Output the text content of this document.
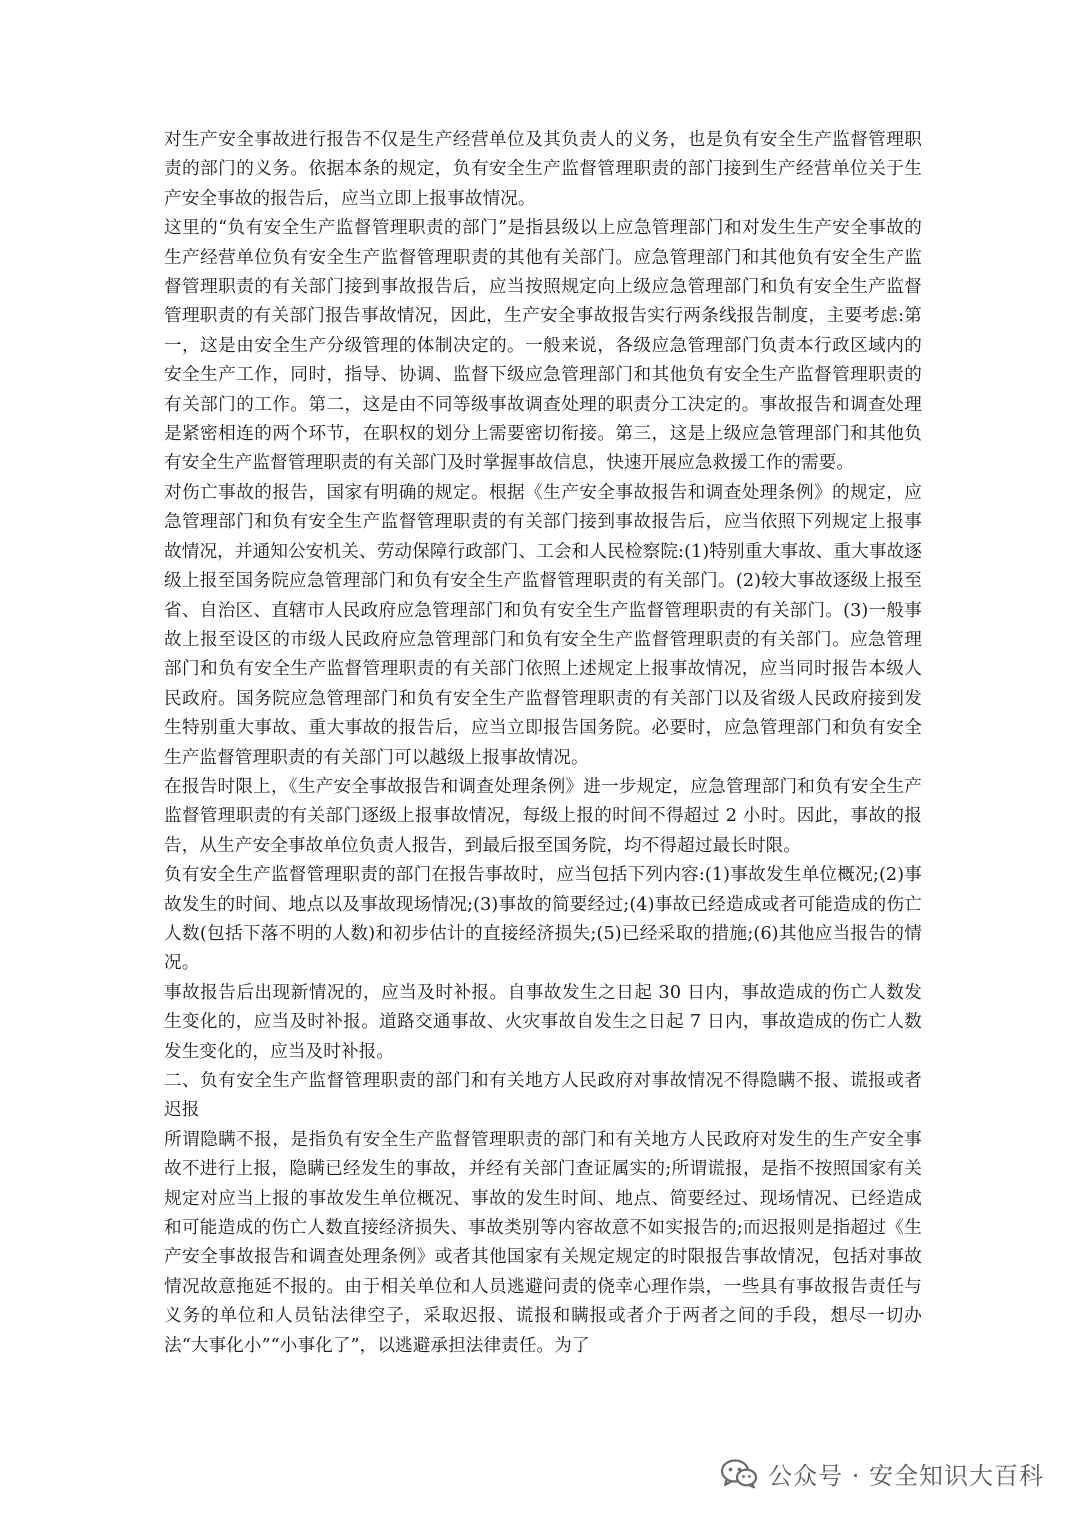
对生产安全事故进行报告不仅是生产经营单位及其负责人的义务，也是负有安全生产监督管理职责的部门的义务。依据本条的规定，负有安全生产监督管理职责的部门接到生产经营单位关于生产安全事故的报告后，应当立即上报事故情况。

这里的“负有安全生产监督管理职责的部门”是指县级以上应急管理部门和对发生生产安全事故的生产经营单位负有安全生产监督管理职责的其他有关部门。应急管理部门和其他负有安全生产监督管理职责的有关部门接到事故报告后，应当按照规定向上级应急管理部门和负有安全生产监督管理职责的有关部门报告事故情况，因此，生产安全事故报告实行两条线报告制度，主要考虑:第一，这是由安全生产分级管理的体制决定的。一般来说，各级应急管理部门负责本行政区域内的安全生产工作，同时，指导、协调、监督下级应急管理部门和其他负有安全生产监督管理职责的有关部门的工作。第二，这是由不同等级事故调查处理的职责分工决定的。事故报告和调查处理是紧密相连的两个环节，在职权的划分上需要密切衔接。第三，这是上级应急管理部门和其他负有安全生产监督管理职责的有关部门及时掌握事故信息，快速开展应急救援工作的需要。

对伤亡事故的报告，国家有明确的规定。根据《生产安全事故报告和调查处理条例》的规定，应急管理部门和负有安全生产监督管理职责的有关部门接到事故报告后，应当依照下列规定上报事故情况，并通知公安机关、劳动保障行政部门、工会和人民检察院:(1)特别重大事故、重大事故逐级上报至国务院应急管理部门和负有安全生产监督管理职责的有关部门。(2)较大事故逐级上报至省、自治区、直辖市人民政府应急管理部门和负有安全生产监督管理职责的有关部门。(3)一般事故上报至设区的市级人民政府应急管理部门和负有安全生产监督管理职责的有关部门。应急管理部门和负有安全生产监督管理职责的有关部门依照上述规定上报事故情况，应当同时报告本级人民政府。国务院应急管理部门和负有安全生产监督管理职责的有关部门以及省级人民政府接到发生特别重大事故、重大事故的报告后，应当立即报告国务院。必要时，应急管理部门和负有安全生产监督管理职责的有关部门可以越级上报事故情况。

在报告时限上，《生产安全事故报告和调查处理条例》进一步规定，应急管理部门和负有安全生产监督管理职责的有关部门逐级上报事故情况，每级上报的时间不得超过 2 小时。因此，事故的报告，从生产安全事故单位负责人报告，到最后报至国务院，均不得超过最长时限。

负有安全生产监督管理职责的部门在报告事故时，应当包括下列内容:(1)事故发生单位概况;(2)事故发生的时间、地点以及事故现场情况;(3)事故的简要经过;(4)事故已经造成或者可能造成的伤亡人数(包括下落不明的人数)和初步估计的直接经济损失;(5)已经采取的措施;(6)其他应当报告的情况。

事故报告后出现新情况的，应当及时补报。自事故发生之日起 30 日内，事故造成的伤亡人数发生变化的，应当及时补报。道路交通事故、火灾事故自发生之日起 7 日内，事故造成的伤亡人数发生变化的，应当及时补报。

二、负有安全生产监督管理职责的部门和有关地方人民政府对事故情况不得隐瞒不报、谎报或者迟报

所谓隐瞒不报，是指负有安全生产监督管理职责的部门和有关地方人民政府对发生的生产安全事故不进行上报，隐瞒已经发生的事故，并经有关部门查证属实的;所谓谎报，是指不按照国家有关规定对应当上报的事故发生单位概况、事故的发生时间、地点、简要经过、现场情况、已经造成和可能造成的伤亡人数直接经济损失、事故类别等内容故意不如实报告的;而迟报则是指超过《生产安全事故报告和调查处理条例》或者其他国家有关规定规定的时限报告事故情况，包括对事故情况故意拖延不报的。由于相关单位和人员逃避问责的侥幸心理作祟，一些具有事故报告责任与义务的单位和人员钻法律空子，采取迟报、谎报和瞒报或者介于两者之间的手段，想尽一切办法“大事化小”“小事化了”，以逃避承担法律责任。为了

公众号 · 安全知识大百科
